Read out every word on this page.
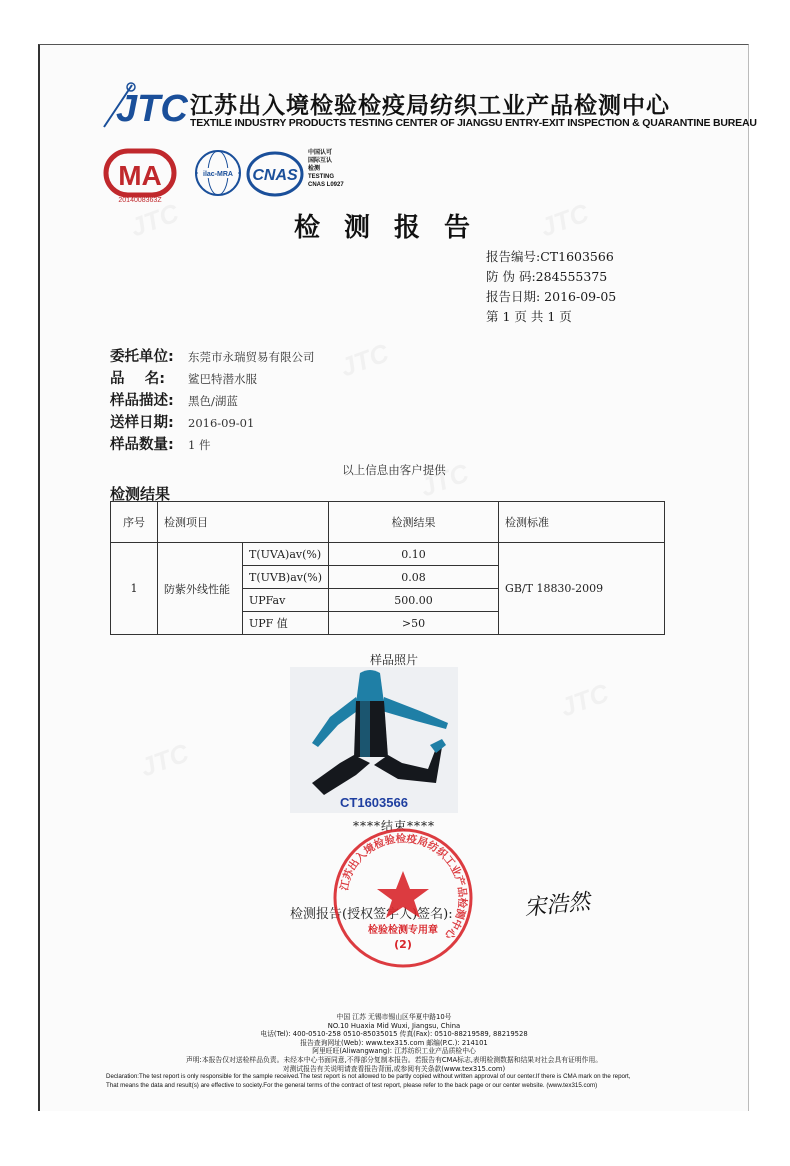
JTC 江苏出入境检验检疫局纺织工业产品检测中心
TEXTILE INDUSTRY PRODUCTS TESTING CENTER OF JIANGSU ENTRY-EXIT INSPECTION & QUARANTINE BUREAU
MA
2014008363Z
ilac-MRA CNAS
中国认可
国际互认
检测
TESTING
CNAS L0927
检测报告
报告编号:CT1603566
防 伪 码:284555375
报告日期: 2016-09-05
第 1 页 共 1 页
委托单位:	东莞市永瑞贸易有限公司
品    名:	鲨巴特潜水服
样品描述:	黑色/湖蓝
送样日期:	2016-09-01
样品数量:	1 件
以上信息由客户提供
检测结果
序号	检测项目		检测结果	检测标准
1	防紫外线性能	T(UVA)av(%)	0.10	GB/T 18830-2009
		T(UVB)av(%)	0.08	
		UPFav	500.00	
		UPF 值	>50	
样品照片
CT1603566
****结束****
检测报告(授权签字人)签名):	宋浩然
江苏出入境检验检疫局纺织工业产品检测中心
检验检测专用章
(2)
中国 江苏 无锡市锡山区华夏中路10号
NO.10 Huaxia Mid Wuxi, Jiangsu, China
电话(Tel): 400-0510-258 0510-85035015 传真(Fax): 0510-88219589, 88219528
报告查询网址(Web): www.tex315.com 邮编(P.C.): 214101
阿里旺旺(Aliwangwang): 江苏纺织工业产品质检中心
声明:本报告仅对送检样品负责。未经本中心书面同意,不得部分复制本报告。若报告有CMA标志,表明检测数据和结果对社会具有证明作用。
对测试报告有关说明请查看报告背面,或参阅有关条款(www.tex315.com)
Declaration:The test report is only responsible for the sample received.The test report is not allowed to be partly copied without written approval of our center.If there is CMA mark on the report,
That means the data and result(s) are effective to society.For the general terms of the contract of test report, please refer to the back page or our center website. (www.tex315.com)
